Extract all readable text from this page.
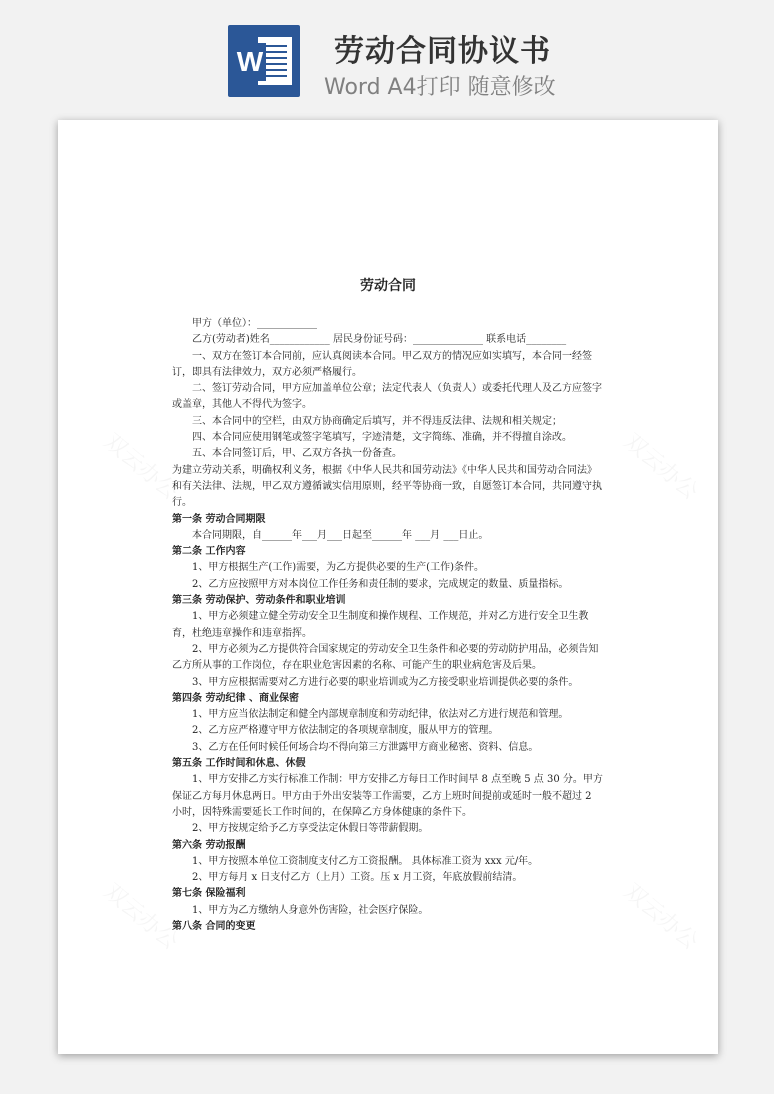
W 劳动合同协议书
Word A4打印 随意修改
劳动合同

甲方（单位）：____________

乙方(劳动者)姓名____________ 居民身份证号码：______________ 联系电话________

一、双方在签订本合同前，应认真阅读本合同。甲乙双方的情况应如实填写，本合同一经签订，即具有法律效力，双方必须严格履行。

二、签订劳动合同，甲方应加盖单位公章；法定代表人（负责人）或委托代理人及乙方应签字或盖章，其他人不得代为签字。

三、本合同中的空栏，由双方协商确定后填写，并不得违反法律、法规和相关规定；

四、本合同应使用钢笔或签字笔填写，字迹清楚，文字简练、准确，并不得擅自涂改。

五、本合同签订后，甲、乙双方各执一份备查。

为建立劳动关系，明确权利义务，根据《中华人民共和国劳动法》《中华人民共和国劳动合同法》和有关法律、法规，甲乙双方遵循诚实信用原则，经平等协商一致，自愿签订本合同，共同遵守执行。

第一条 劳动合同期限

本合同期限，自______年___月___日起至______年 ___月 ___日止。

第二条 工作内容

1、甲方根据生产(工作)需要，为乙方提供必要的生产(工作)条件。

2、乙方应按照甲方对本岗位工作任务和责任制的要求，完成规定的数量、质量指标。

第三条 劳动保护、劳动条件和职业培训

1、甲方必须建立健全劳动安全卫生制度和操作规程、工作规范，并对乙方进行安全卫生教育，杜绝违章操作和违章指挥。

2、甲方必须为乙方提供符合国家规定的劳动安全卫生条件和必要的劳动防护用品，必须告知乙方所从事的工作岗位，存在职业危害因素的名称、可能产生的职业病危害及后果。

3、甲方应根据需要对乙方进行必要的职业培训或为乙方接受职业培训提供必要的条件。

第四条 劳动纪律 、商业保密

1、甲方应当依法制定和健全内部规章制度和劳动纪律，依法对乙方进行规范和管理。

2、乙方应严格遵守甲方依法制定的各项规章制度，服从甲方的管理。

3、乙方在任何时候任何场合均不得向第三方泄露甲方商业秘密、资料、信息。

第五条 工作时间和休息、休假

1、甲方安排乙方实行标准工作制：甲方安排乙方每日工作时间早 8 点至晚 5 点 30 分。甲方保证乙方每月休息两日。甲方由于外出安装等工作需要，乙方上班时间提前或延时一般不超过 2 小时，因特殊需要延长工作时间的，在保障乙方身体健康的条件下。

2、甲方按规定给予乙方享受法定休假日等带薪假期。

第六条 劳动报酬

1、甲方按照本单位工资制度支付乙方工资报酬。 具体标准工资为 xxx 元/年。

2、甲方每月 x 日支付乙方（上月）工资。压 x 月工资，年底放假前结清。

第七条 保险福利

1、甲方为乙方缴纳人身意外伤害险，社会医疗保险。

第八条 合同的变更
